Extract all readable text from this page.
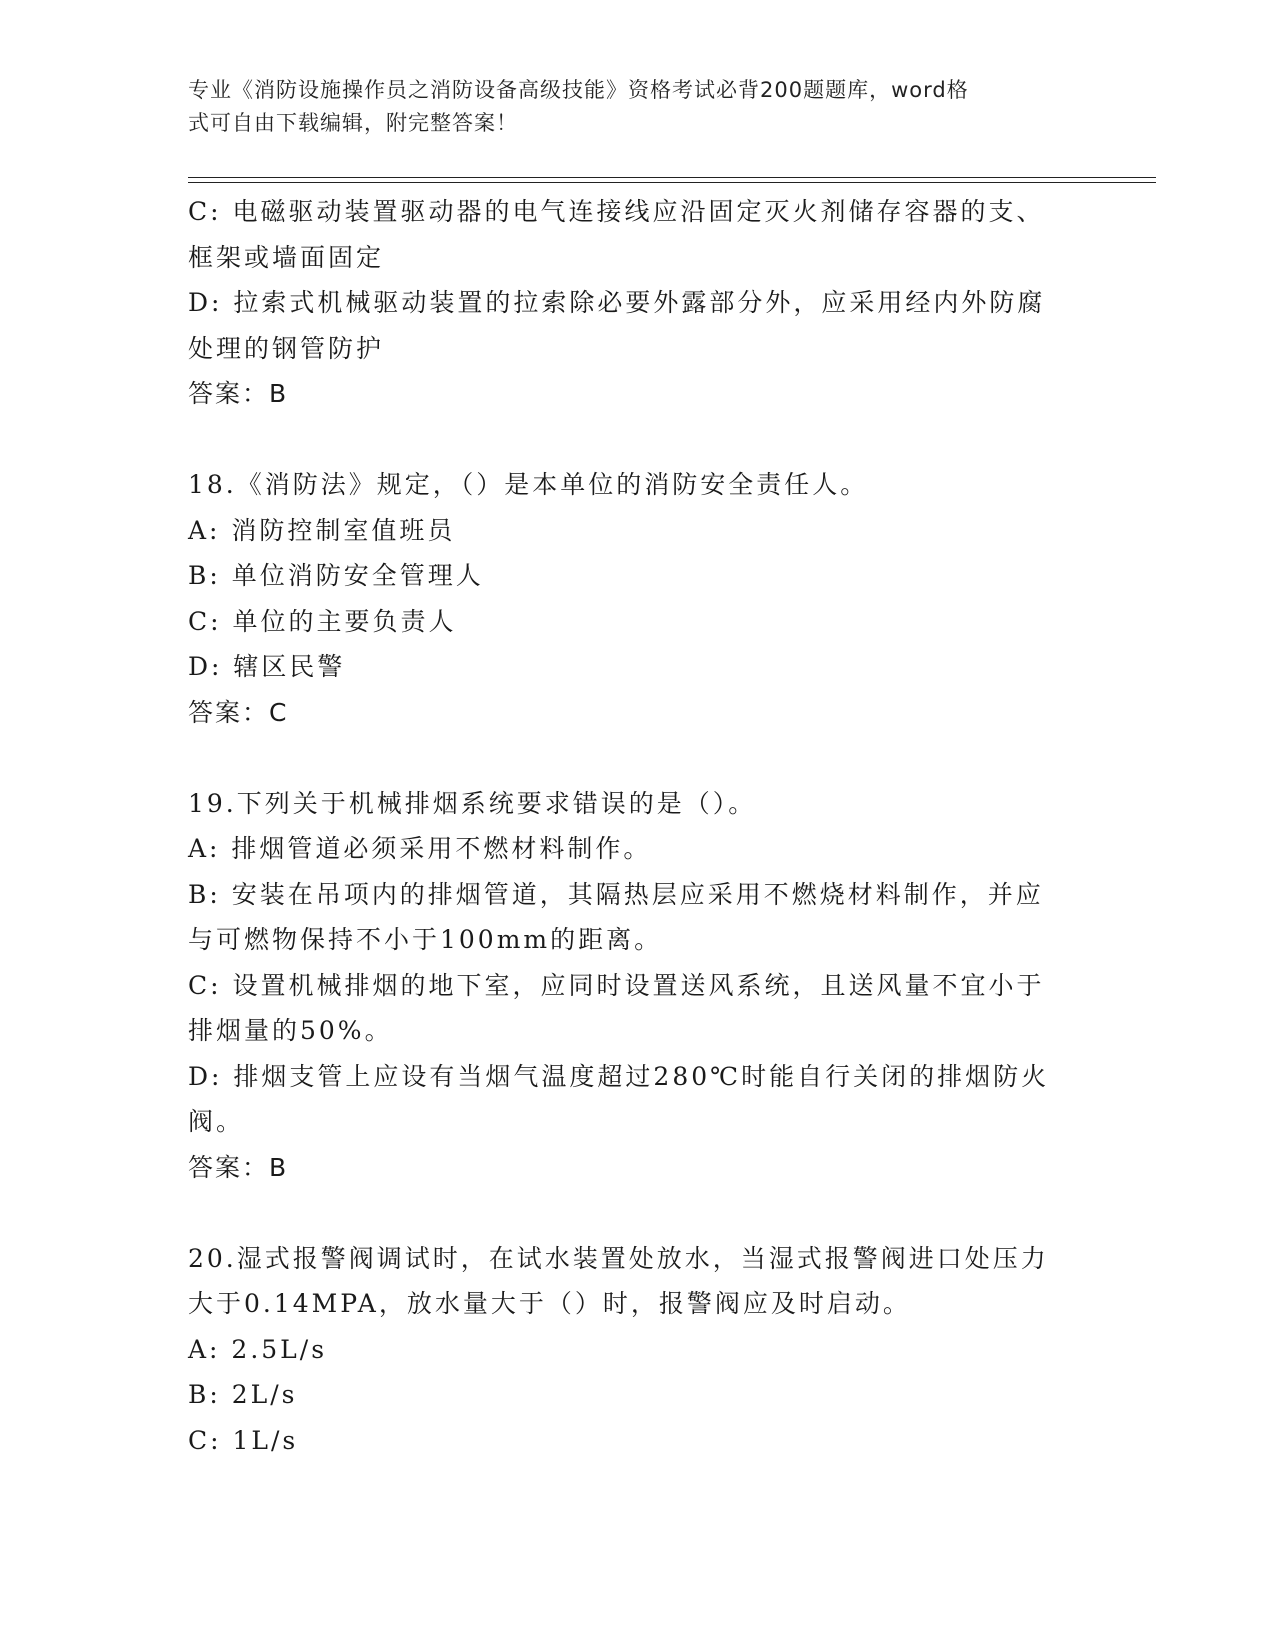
专业《消防设施操作员之消防设备高级技能》资格考试必背200题题库，word格
式可自由下载编辑，附完整答案！
C: 电磁驱动装置驱动器的电气连接线应沿固定灭火剂储存容器的支、
框架或墙面固定
D: 拉索式机械驱动装置的拉索除必要外露部分外，应采用经内外防腐
处理的钢管防护
答案：B
18.《消防法》规定，（）是本单位的消防安全责任人。
A: 消防控制室值班员
B: 单位消防安全管理人
C: 单位的主要负责人
D: 辖区民警
答案：C
19.下列关于机械排烟系统要求错误的是（）。
A: 排烟管道必须采用不燃材料制作。
B: 安装在吊项内的排烟管道，其隔热层应采用不燃烧材料制作，并应
与可燃物保持不小于100mm的距离。
C: 设置机械排烟的地下室，应同时设置送风系统，且送风量不宜小于
排烟量的50%。
D: 排烟支管上应设有当烟气温度超过280℃时能自行关闭的排烟防火
阀。
答案：B
20.湿式报警阀调试时，在试水装置处放水，当湿式报警阀进口处压力
大于0.14MPA，放水量大于（）时，报警阀应及时启动。
A: 2.5L/s
B: 2L/s
C: 1L/s
